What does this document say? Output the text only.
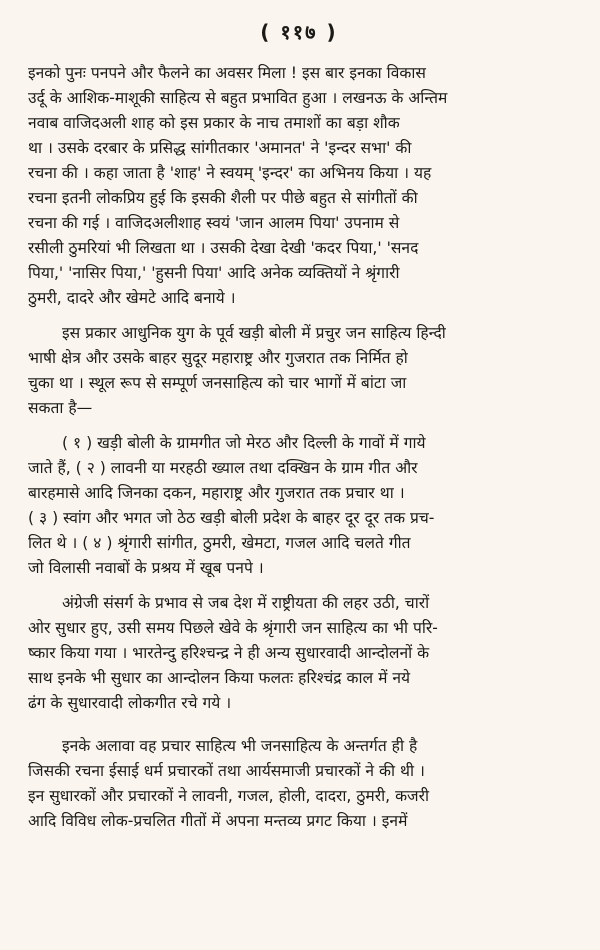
( ११७ )
इनको पुनः पनपने और फैलने का अवसर मिला ! इस बार इनका विकास
उर्दू के आशिक-माशूकी साहित्य से बहुत प्रभावित हुआ । लखनऊ के अन्तिम
नवाब वाजिदअली शाह को इस प्रकार के नाच तमाशों का बड़ा शौक
था । उसके दरबार के प्रसिद्ध सांगीतकार 'अमानत' ने 'इन्दर सभा' की
रचना की । कहा जाता है 'शाह' ने स्वयम् 'इन्दर' का अभिनय किया । यह
रचना इतनी लोकप्रिय हुई कि इसकी शैली पर पीछे बहुत से सांगीतों की
रचना की गई । वाजिदअलीशाह स्वयं 'जान आलम पिया' उपनाम से
रसीली ठुमरियां भी लिखता था । उसकी देखा देखी 'कदर पिया,' 'सनद
पिया,' 'नासिर पिया,' 'हुसनी पिया' आदि अनेक व्यक्तियों ने श्रृंगारी
ठुमरी, दादरे और खेमटे आदि बनाये ।
इस प्रकार आधुनिक युग के पूर्व खड़ी बोली में प्रचुर जन साहित्य हिन्दी
भाषी क्षेत्र और उसके बाहर सुदूर महाराष्ट्र और गुजरात तक निर्मित हो
चुका था । स्थूल रूप से सम्पूर्ण जनसाहित्य को चार भागों में बांटा जा
सकता है—
( १ ) खड़ी बोली के ग्रामगीत जो मेरठ और दिल्ली के गावों में गाये
जाते हैं, ( २ ) लावनी या मरहठी ख्याल तथा दक्खिन के ग्राम गीत और
बारहमासे आदि जिनका दकन, महाराष्ट्र और गुजरात तक प्रचार था ।
( ३ ) स्वांग और भगत जो ठेठ खड़ी बोली प्रदेश के बाहर दूर दूर तक प्रच-
लित थे । ( ४ ) श्रृंगारी सांगीत, ठुमरी, खेमटा, गजल आदि चलते गीत
जो विलासी नवाबों के प्रश्रय में खूब पनपे ।
अंग्रेजी संसर्ग के प्रभाव से जब देश में राष्ट्रीयता की लहर उठी, चारों
ओर सुधार हुए, उसी समय पिछले खेवे के श्रृंगारी जन साहित्य का भी परि-
ष्कार किया गया । भारतेन्दु हरिश्चन्द्र ने ही अन्य सुधारवादी आन्दोलनों के
साथ इनके भी सुधार का आन्दोलन किया फलतः हरिश्चंद्र काल में नये
ढंग के सुधारवादी लोकगीत रचे गये ।
इनके अलावा वह प्रचार साहित्य भी जनसाहित्य के अन्तर्गत ही है
जिसकी रचना ईसाई धर्म प्रचारकों तथा आर्यसमाजी प्रचारकों ने की थी ।
इन सुधारकों और प्रचारकों ने लावनी, गजल, होली, दादरा, ठुमरी, कजरी
आदि विविध लोक-प्रचलित गीतों में अपना मन्तव्य प्रगट किया । इनमें
